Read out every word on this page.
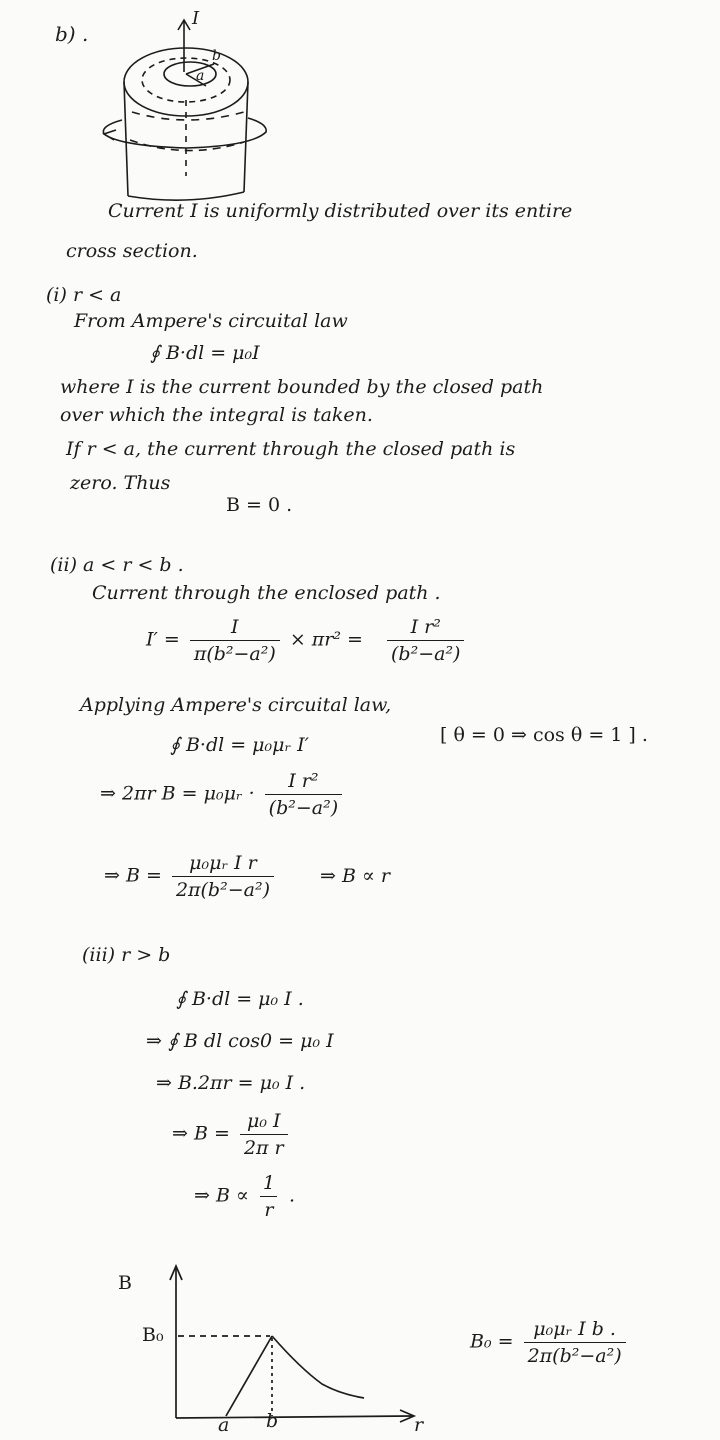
b) .
I
b
a
Current I is uniformly distributed over its entire
cross section.
(i) r < a
From Ampere's circuital law
∮ B·dl = μ₀I
where I is the current bounded by the closed path
over which the integral is taken.
If r < a, the current through the closed path is
zero. Thus
B = 0 .
(ii) a < r < b .
Current through the enclosed path .
$I' = \frac{I}{\text{π(b²−a²)}} \times \pi r^2 = \frac{\text{I r²}}{\text{(b²−a²)}}$
Applying Ampere's circuital law,
[ θ = 0 ⇒ cos θ = 1 ] .
∮ B·dl = μ₀μᵣ I′
⇒ 2πr B = μ₀μᵣ · $\frac{\text{I r²}}{\text{(b²−a²)}}$
⇒ $B = \frac{\text{μ₀μᵣ I r}}{\text{2π(b²−a²)}}$ ⇒ B ∝ r
(iii) r > b
∮ B·dl = μ₀ I .
⇒ ∮ B dl cos0 = μ₀ I
⇒ B.2πr = μ₀ I .
⇒ $B = \frac{\text{μ₀ I}}{\text{2π r}}$
⇒ $B \propto \frac{1}{r}$ .
B
B₀
a b	r
$B_0 = \frac{\text{μ₀μᵣ I b .}}{\text{2π(b²−a²)}}$
